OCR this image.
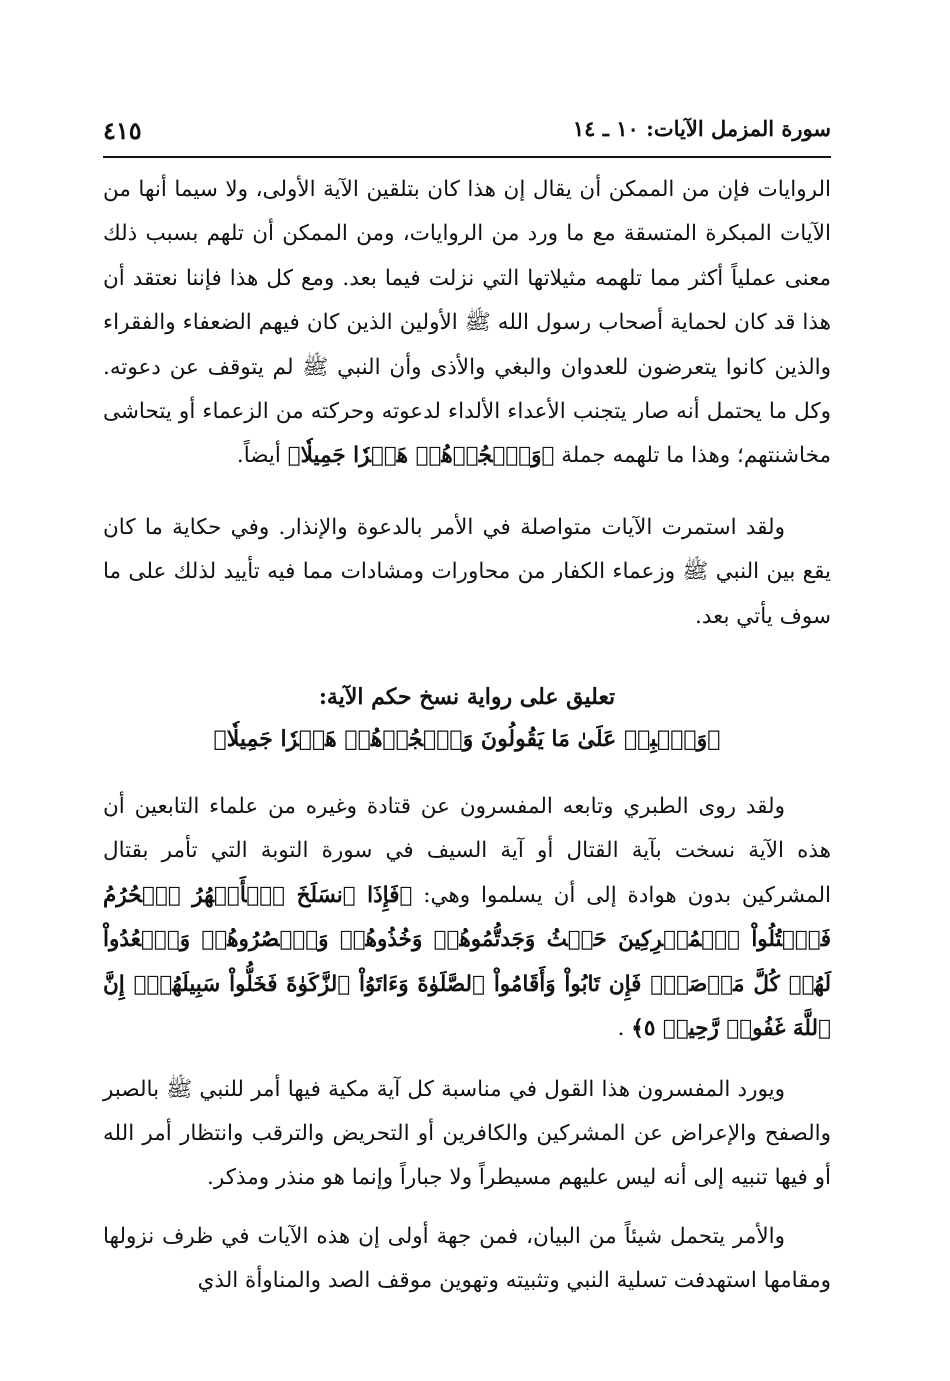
سورة المزمل الآيات: ١٠ ـ ١٤
٤١٥

الروايات فإن من الممكن أن يقال إن هذا كان بتلقين الآية الأولى، ولا سيما أنها من الآيات المبكرة المتسقة مع ما ورد من الروايات، ومن الممكن أن تلهم بسبب ذلك معنى عملياً أكثر مما تلهمه مثيلاتها التي نزلت فيما بعد. ومع كل هذا فإننا نعتقد أن هذا قد كان لحماية أصحاب رسول الله ﷺ الأولين الذين كان فيهم الضعفاء والفقراء والذين كانوا يتعرضون للعدوان والبغي والأذى وأن النبي ﷺ لم يتوقف عن دعوته. وكل ما يحتمل أنه صار يتجنب الأعداء الألداء لدعوته وحركته من الزعماء أو يتحاشى مخاشنتهم؛ وهذا ما تلهمه جملة ﴿وَٱهۡجُرۡهُمۡ هَجۡرٗا جَمِيلٗا﴾ أيضاً.

ولقد استمرت الآيات متواصلة في الأمر بالدعوة والإنذار. وفي حكاية ما كان يقع بين النبي ﷺ وزعماء الكفار من محاورات ومشادات مما فيه تأييد لذلك على ما سوف يأتي بعد.

تعليق على رواية نسخ حكم الآية:
﴿وَٱصۡبِرۡ عَلَىٰ مَا يَقُولُونَ وَٱهۡجُرۡهُمۡ هَجۡرٗا جَمِيلٗا﴾

ولقد روى الطبري وتابعه المفسرون عن قتادة وغيره من علماء التابعين أن هذه الآية نسخت بآية القتال أو آية السيف في سورة التوبة التي تأمر بقتال المشركين بدون هوادة إلى أن يسلموا وهي: ﴿فَإِذَا ٱنسَلَخَ ٱلۡأَشۡهُرُ ٱلۡحُرُمُ فَٱقۡتُلُواْ ٱلۡمُشۡرِكِينَ حَيۡثُ وَجَدتُّمُوهُمۡ وَخُذُوهُمۡ وَٱحۡصُرُوهُمۡ وَٱقۡعُدُواْ لَهُمۡ كُلَّ مَرۡصَدٖۚ فَإِن تَابُواْ وَأَقَامُواْ ٱلصَّلَوٰةَ وَءَاتَوُاْ ٱلزَّكَوٰةَ فَخَلُّواْ سَبِيلَهُمۡۚ إِنَّ ٱللَّهَ غَفُورٞ رَّحِيمٞ ٥﴾ .

ويورد المفسرون هذا القول في مناسبة كل آية مكية فيها أمر للنبي ﷺ بالصبر والصفح والإعراض عن المشركين والكافرين أو التحريض والترقب وانتظار أمر الله أو فيها تنبيه إلى أنه ليس عليهم مسيطراً ولا جباراً وإنما هو منذر ومذكر.

والأمر يتحمل شيئاً من البيان، فمن جهة أولى إن هذه الآيات في ظرف نزولها ومقامها استهدفت تسلية النبي وتثبيته وتهوين موقف الصد والمناوأة الذي
